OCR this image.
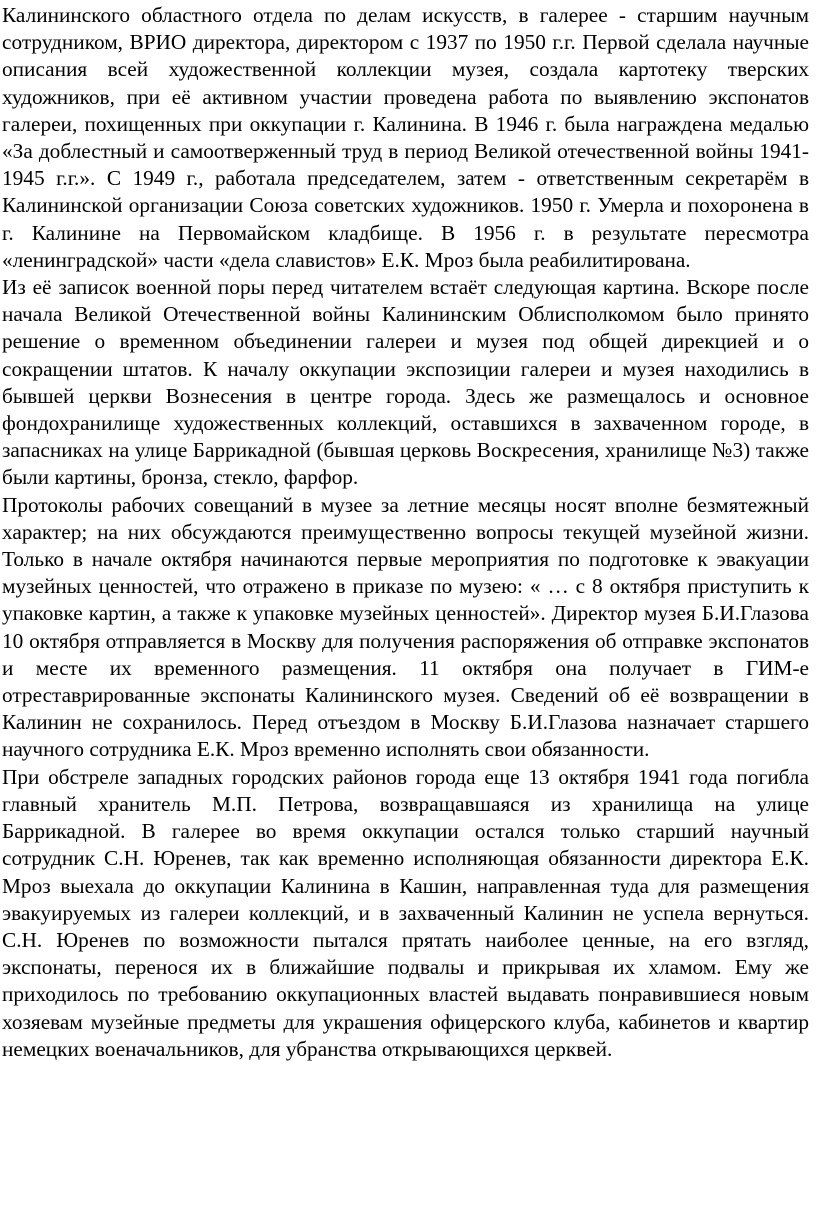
Калининского областного отдела по делам искусств, в галерее - старшим научным сотрудником, ВРИО директора, директором с 1937 по 1950 г.г. Первой сделала научные описания всей художественной коллекции музея, создала картотеку тверских художников, при её активном участии проведена работа по выявлению экспонатов галереи, похищенных при оккупации г. Калинина. В 1946 г. была награждена медалью «За доблестный и самоотверженный труд в период Великой отечественной войны 1941-1945 г.г.». С 1949 г., работала председателем, затем - ответственным секретарём в Калининской организации Союза советских художников. 1950 г. Умерла и похоронена в г. Калинине на Первомайском кладбище. В 1956 г. в результате пересмотра «ленинградской» части «дела славистов» Е.К. Мроз была реабилитирована.

Из её записок военной поры перед читателем встаёт следующая картина. Вскоре после начала Великой Отечественной войны Калининским Облисполкомом было принято решение о временном объединении галереи и музея под общей дирекцией и о сокращении штатов. К началу оккупации экспозиции галереи и музея находились в бывшей церкви Вознесения в центре города. Здесь же размещалось и основное фондохранилище художественных коллекций, оставшихся в захваченном городе, в запасниках на улице Баррикадной (бывшая церковь Воскресения, хранилище №3) также были картины, бронза, стекло, фарфор.

Протоколы рабочих совещаний в музее за летние месяцы носят вполне безмятежный характер; на них обсуждаются преимущественно вопросы текущей музейной жизни. Только в начале октября начинаются первые мероприятия по подготовке к эвакуации музейных ценностей, что отражено в приказе по музею: « … с 8 октября приступить к упаковке картин, а также к упаковке музейных ценностей». Директор музея Б.И.Глазова 10 октября отправляется в Москву для получения распоряжения об отправке экспонатов и месте их временного размещения. 11 октября она получает в ГИМ-е отреставрированные экспонаты Калининского музея. Сведений об её возвращении в Калинин не сохранилось. Перед отъездом в Москву Б.И.Глазова назначает старшего научного сотрудника Е.К. Мроз временно исполнять свои обязанности.

При обстреле западных городских районов города еще 13 октября 1941 года погибла главный хранитель М.П. Петрова, возвращавшаяся из хранилища на улице Баррикадной. В галерее во время оккупации остался только старший научный сотрудник С.Н. Юренев, так как временно исполняющая обязанности директора Е.К. Мроз выехала до оккупации Калинина в Кашин, направленная туда для размещения эвакуируемых из галереи коллекций, и в захваченный Калинин не успела вернуться. С.Н. Юренев по возможности пытался прятать наиболее ценные, на его взгляд, экспонаты, перенося их в ближайшие подвалы и прикрывая их хламом. Ему же приходилось по требованию оккупационных властей выдавать понравившиеся новым хозяевам музейные предметы для украшения офицерского клуба, кабинетов и квартир немецких военачальников, для убранства открывающихся церквей.
